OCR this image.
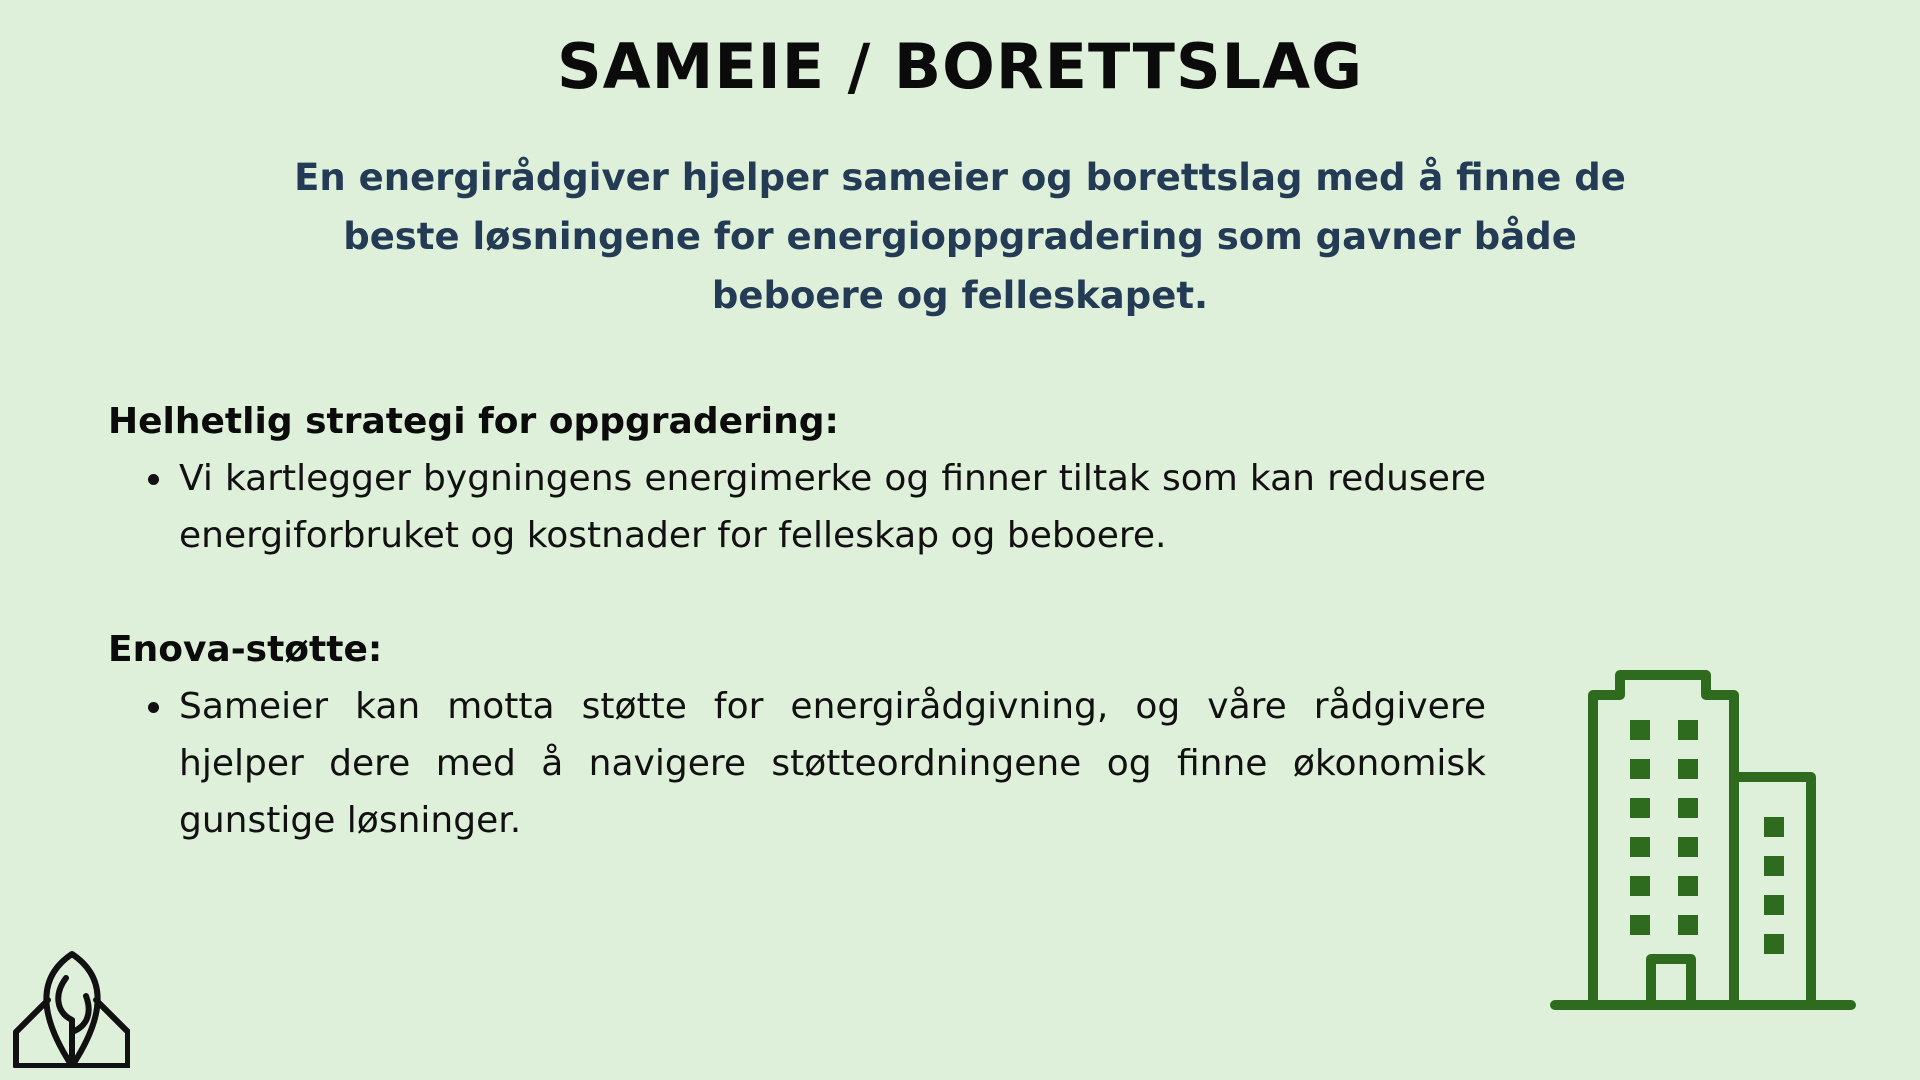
SAMEIE / BORETTSLAG

En energirådgiver hjelper sameier og borettslag med å finne de beste løsningene for energioppgradering som gavner både beboere og felleskapet.

Helhetlig strategi for oppgradering:
Vi kartlegger bygningens energimerke og finner tiltak som kan redusere energiforbruket og kostnader for felleskap og beboere.
Enova-støtte:
Sameier kan motta støtte for energirådgivning, og våre rådgivere hjelper dere med å navigere støtteordningene og finne økonomisk gunstige løsninger.
